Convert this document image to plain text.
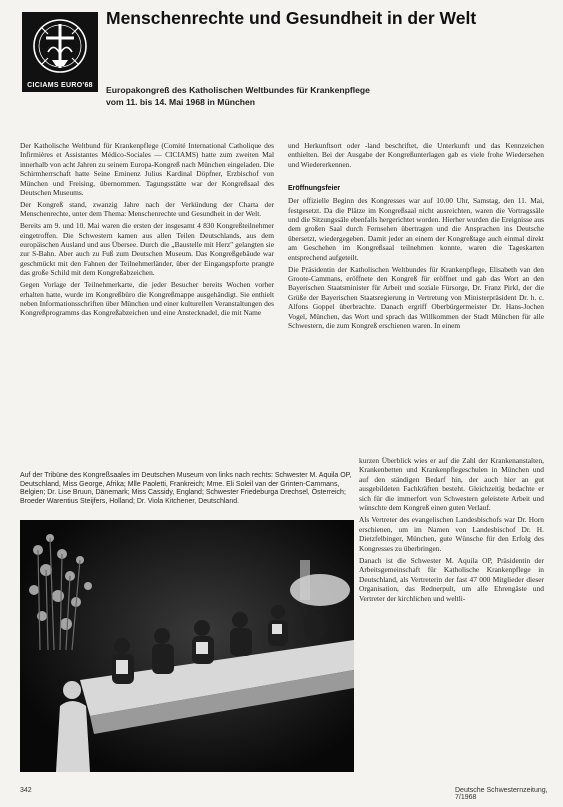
CICIAMS EURO'68
Menschenrechte und Gesundheit in der Welt
Europakongreß des Katholischen Weltbundes für Krankenpflege
vom 11. bis 14. Mai 1968 in München

Der Katholische Weltbund für Krankenpflege (Comité International Catholique des Infirmières et Assistantes Médico-Sociales — CICIAMS) hatte zum zweiten Mal innerhalb von acht Jahren zu seinem Europa-Kongreß nach München eingeladen. Die Schirmherrschaft hatte Seine Eminenz Julius Kardinal Döpfner, Erzbischof von München und Freising, übernommen. Tagungsstätte war der Kongreßsaal des Deutschen Museums.

Der Kongreß stand, zwanzig Jahre nach der Verkündung der Charta der Menschenrechte, unter dem Thema: Menschenrechte und Gesundheit in der Welt.

Bereits am 9. und 10. Mai waren die ersten der insgesamt 4 830 Kongreßteilnehmer eingetroffen. Die Schwestern kamen aus allen Teilen Deutschlands, aus dem europäischen Ausland und aus Übersee. Durch die „Baustelle mit Herz" gelangten sie zur S-Bahn. Aber auch zu Fuß zum Deutschen Museum. Das Kongreßgebäude war geschmückt mit den Fahnen der Teilnehmerländer, über der Eingangspforte prangte das große Schild mit dem Kongreßabzeichen.

Gegen Vorlage der Teilnehmerkarte, die jeder Besucher bereits Wochen vorher erhalten hatte, wurde im Kongreßbüro die Kongreßmappe ausgehändigt. Sie enthielt neben Informationsschriften über München und einer kulturellen Veranstaltungen des Kongreßprogramms das Kongreßabzeichen und eine Anstecknadel, die mit Name

Auf der Tribüne des Kongreßsaales im Deutschen Museum von links nach rechts: Schwester M. Aquila OP, Deutschland, Miss George, Afrika; Mlle Paoletti, Frankreich; Mme. Eli Soleil van der Grinten-Cammans, Belgien; Dr. Lise Bruun, Dänemark; Miss Cassidy, England; Schwester Friedeburga Drechsel, Österreich; Broeder Warentius Steijfers, Holland; Dr. Viola Kitchener, Deutschland.

und Herkunftsort oder -land beschriftet, die Unterkunft und das Kennzeichen enthielten. Bei der Ausgabe der Kongreßunterlagen gab es viele frohe Wiedersehen und Wiedererkennen.

Eröffnungsfeier

Der offizielle Beginn des Kongresses war auf 10.00 Uhr, Samstag, den 11. Mai, festgesetzt. Da die Plätze im Kongreßsaal nicht ausreichten, waren die Vortragssäle und die Sitzungssäle ebenfalls hergerichtet worden. Hierher wurden die Ereignisse aus dem großen Saal durch Fernsehen übertragen und die Ansprachen ins Deutsche übersetzt, wiedergegeben. Damit jeder an einem der Kongreßtage auch einmal direkt am Geschehen im Kongreßsaal teilnehmen konnte, waren die Tageskarten entsprechend aufgeteilt.

Die Präsidentin der Katholischen Weltbundes für Krankenpflege, Elisabeth van den Groote-Cammans, eröffnete den Kongreß für eröffnet und gab das Wort an den Bayerischen Staatsminister für Arbeit und soziale Fürsorge, Dr. Franz Pirkl, der die Grüße der Bayerischen Staatsregierung in Vertretung von Ministerpräsident Dr. h. c. Alfons Goppel überbrachte. Danach ergriff Oberbürgermeister Dr. Hans-Jochen Vogel, München, das Wort und sprach das Willkommen der Stadt München für alle Schwestern, die zum Kongreß erschienen waren. In einem

kurzen Überblick wies er auf die Zahl der Krankenanstalten, Krankenbetten und Krankenpflegeschulen in München und auf den ständigen Bedarf hin, der auch hier an gut ausgebildeten Fachkräften besteht. Gleichzeitig bedachte er sich für die immerfort von Schwestern geleistete Arbeit und wünschte dem Kongreß einen guten Verlauf.

Als Vertreter des evangelischen Landesbischofs war Dr. Horn erschienen, um im Namen von Landesbischof Dr. H. Dietzfelbinger, München, gute Wünsche für den Erfolg des Kongresses zu überbringen.

Danach ist die Schwester M. Aquila OP, Präsidentin der Arbeitsgemeinschaft für Katholische Krankenpflege in Deutschland, als Vertreterin der fast 47 000 Mitglieder dieser Organisation, das Rednerpult, um alle Ehrengäste und Vertreter der kirchlichen und weltli-

342	Deutsche Schwesternzeitung, 7/1968
